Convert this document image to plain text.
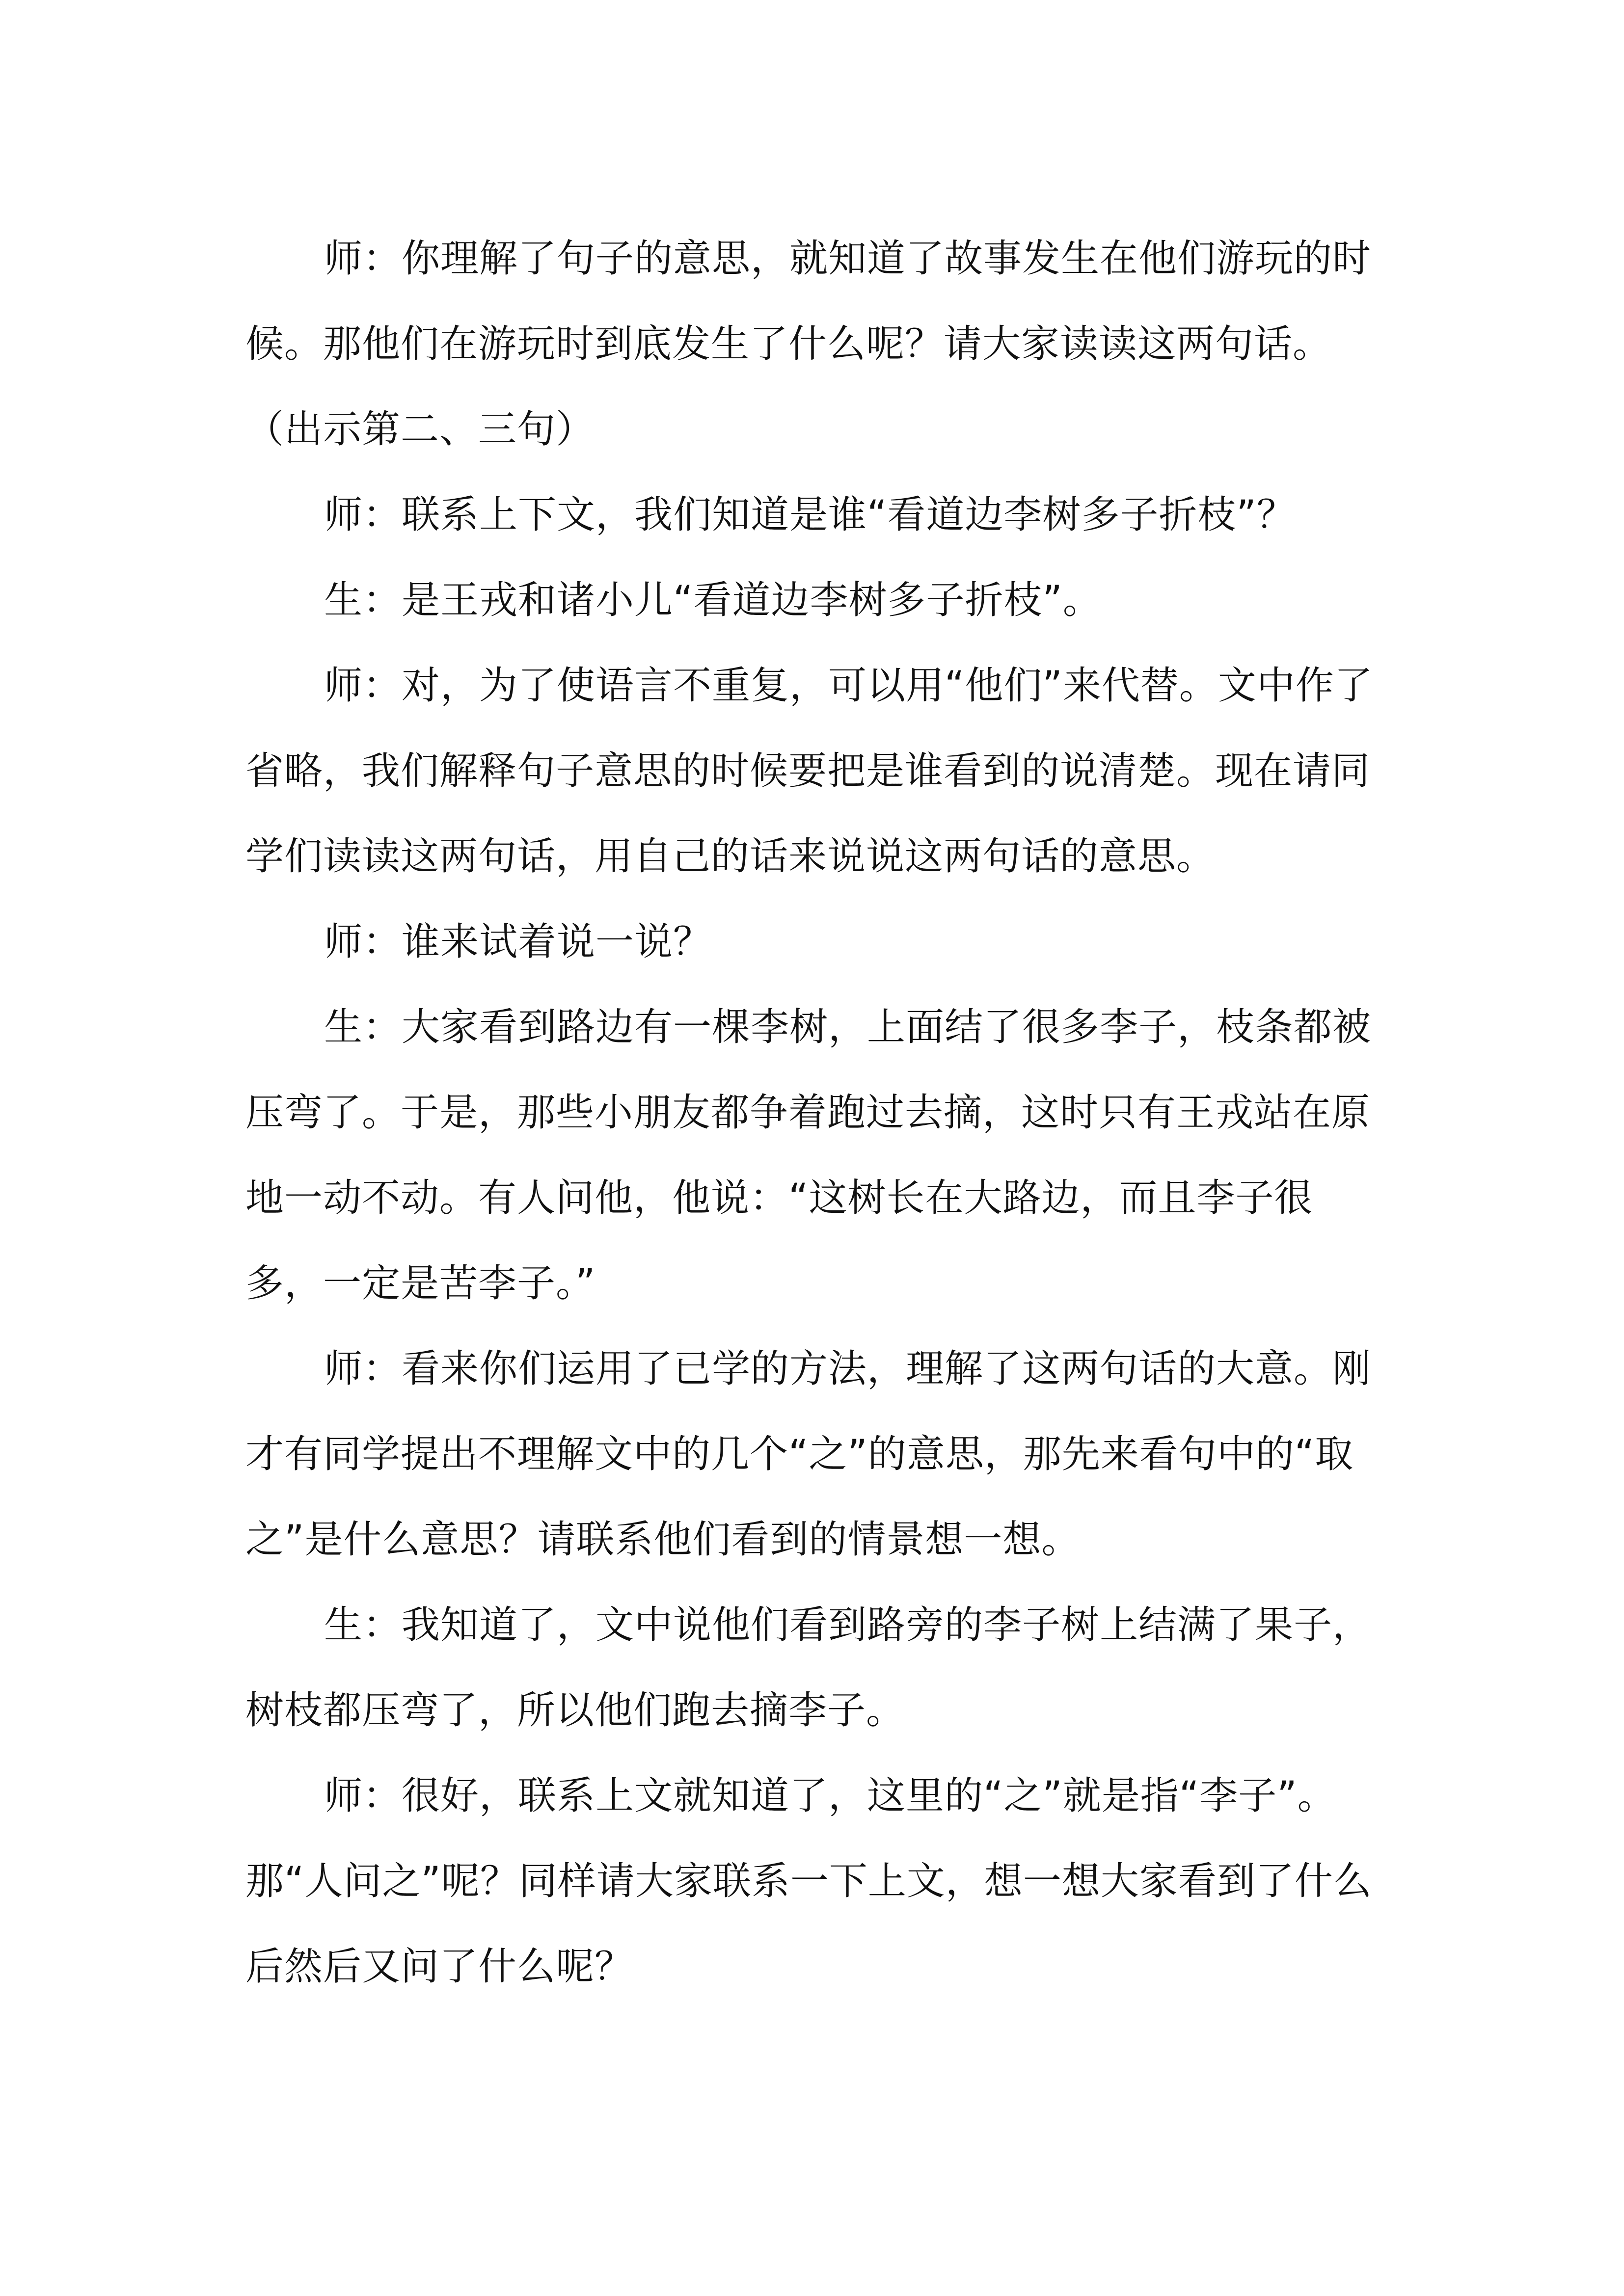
师：你理解了句子的意思，就知道了故事发生在他们游玩的时候。那他们在游玩时到底发生了什么呢？请大家读读这两句话。（出示第二、三句）

师：联系上下文，我们知道是谁“看道边李树多子折枝”？

生：是王戎和诸小儿“看道边李树多子折枝”。

师：对，为了使语言不重复，可以用“他们”来代替。文中作了省略，我们解释句子意思的时候要把是谁看到的说清楚。现在请同学们读读这两句话，用自己的话来说说这两句话的意思。

师：谁来试着说一说？

生：大家看到路边有一棵李树，上面结了很多李子，枝条都被压弯了。于是，那些小朋友都争着跑过去摘，这时只有王戎站在原地一动不动。有人问他，他说：“这树长在大路边，而且李子很多，一定是苦李子。”

师：看来你们运用了已学的方法，理解了这两句话的大意。刚才有同学提出不理解文中的几个“之”的意思，那先来看句中的“取之”是什么意思？请联系他们看到的情景想一想。

生：我知道了，文中说他们看到路旁的李子树上结满了果子，树枝都压弯了，所以他们跑去摘李子。

师：很好，联系上文就知道了，这里的“之”就是指“李子”。那“人问之”呢？同样请大家联系一下上文，想一想大家看到了什么后然后又问了什么呢？
